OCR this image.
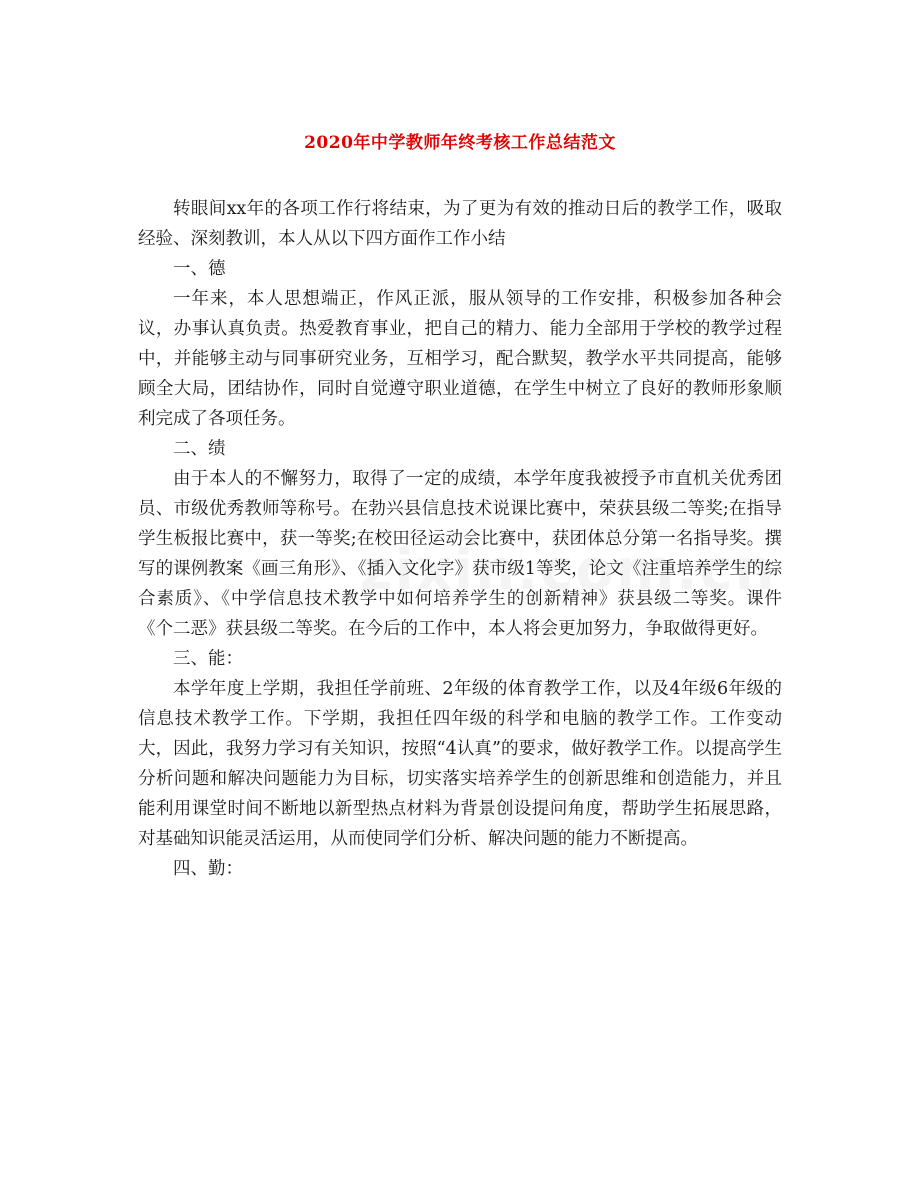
2020年中学教师年终考核工作总结范文

转眼间xx年的各项工作行将结束，为了更为有效的推动日后的教学工作，吸取经验、深刻教训，本人从以下四方面作工作小结

一、德

一年来，本人思想端正，作风正派，服从领导的工作安排，积极参加各种会议，办事认真负责。热爱教育事业，把自己的精力、能力全部用于学校的教学过程中，并能够主动与同事研究业务，互相学习，配合默契，教学水平共同提高，能够顾全大局，团结协作，同时自觉遵守职业道德，在学生中树立了良好的教师形象顺利完成了各项任务。

二、绩

由于本人的不懈努力，取得了一定的成绩，本学年度我被授予市直机关优秀团员、市级优秀教师等称号。在勃兴县信息技术说课比赛中，荣获县级二等奖;在指导学生板报比赛中，获一等奖;在校田径运动会比赛中，获团体总分第一名指导奖。撰写的课例教案《画三角形》、《插入文化字》获市级1等奖，论文《注重培养学生的综合素质》、《中学信息技术教学中如何培养学生的创新精神》获县级二等奖。课件《个二恶》获县级二等奖。在今后的工作中，本人将会更加努力，争取做得更好。

三、能：

本学年度上学期，我担任学前班、2年级的体育教学工作，以及4年级6年级的信息技术教学工作。下学期，我担任四年级的科学和电脑的教学工作。工作变动大，因此，我努力学习有关知识，按照“4认真”的要求，做好教学工作。以提高学生分析问题和解决问题能力为目标，切实落实培养学生的创新思维和创造能力，并且能利用课堂时间不断地以新型热点材料为背景创设提问角度，帮助学生拓展思路，对基础知识能灵活运用，从而使同学们分析、解决问题的能力不断提高。

四、勤：
